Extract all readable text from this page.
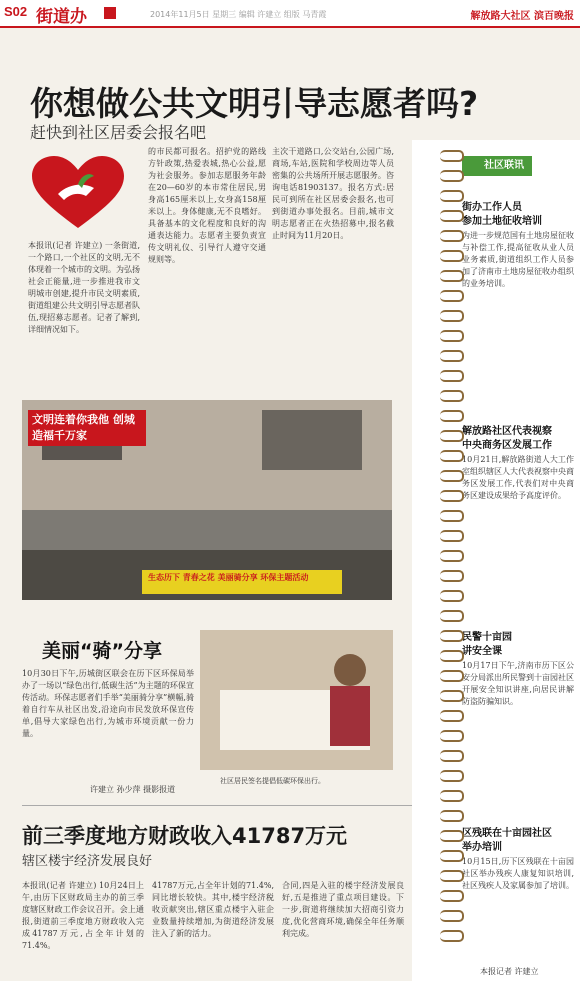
S02 街道办	2014年11月5日 星期三 编辑 许建立 组版 马青霞	解放路大社区 滨百晚报
你想做公共文明引导志愿者吗?
赶快到社区居委会报名吧
本报讯(记者 许建立) 一条街道,一个路口,一个社区的文明,无不体现着一个城市的文明。为弘扬社会正能量,进一步推进我市文明城市创建,提升市民文明素质,街道组建公共文明引导志愿者队伍,现招募志愿者。记者了解到,详细情况如下。
的市民都可报名。招护党的路线方针政策,热爱表城,热心公益,愿为社会服务。参加志愿服务年龄在20—60岁的本市常住居民,男身高165厘米以上,女身高158厘米以上。身体健康,无不良嗜好。具备基本的文化程度和良好的沟通表达能力。志愿者主要负责宣传文明礼仪、引导行人遵守交通规则等。
主次干道路口,公交站台,公园广场,商场,车站,医院和学校周边等人员密集的公共场所开展志愿服务。咨询电话81903137。报名方式:居民可到所在社区居委会报名,也可到街道办事处报名。目前,城市文明志愿者正在火热招募中,报名截止时间为11月20日。
文明连着你我他 创城造福千万家
生态历下 青春之花 美丽骑分享 环保主题活动
美丽“骑”分享
10月30日下午,历城街区联会在历下区环保局举办了一场以“绿色出行,低碳生活”为主题的环保宣传活动。环保志愿者们手举“美丽骑分享”横幅,骑着自行车从社区出发,沿途向市民发放环保宣传单,倡导大家绿色出行,为城市环境贡献一份力量。
许建立 孙少萍 摄影报道
社区居民签名提倡低碳环保出行。
前三季度地方财政收入41787万元
辖区楼宇经济发展良好
本报讯(记者 许建立) 10月24日上午,由历下区财政局主办的前三季度辖区财政工作会议召开。会上通报,街道前三季度地方财政收入完成41787万元,占全年计划的71.4%。
41787万元,占全年计划的71.4%,同比增长较快。其中,楼宇经济税收贡献突出,辖区重点楼宇入驻企业数量持续增加,为街道经济发展注入了新的活力。
合同,四是入驻的楼宇经济发展良好,五是推进了重点项目建设。下一步,街道将继续加大招商引资力度,优化营商环境,确保全年任务顺利完成。
社区联讯
街办工作人员
参加土地征收培训
为进一步规范国有土地房屋征收与补偿工作,提高征收从业人员业务素质,街道组织工作人员参加了济南市土地房屋征收办组织的业务培训。
解放路社区代表视察
中央商务区发展工作
10月21日,解放路街道人大工作室组织辖区人大代表视察中央商务区发展工作,代表们对中央商务区建设成果给予高度评价。
民警十亩园
讲安全课
10月17日下午,济南市历下区公安分局派出所民警到十亩园社区开展安全知识讲座,向居民讲解防盗防骗知识。
区残联在十亩园社区
举办培训
10月15日,历下区残联在十亩园社区举办残疾人康复知识培训,社区残疾人及家属参加了培训。
本报记者 许建立
